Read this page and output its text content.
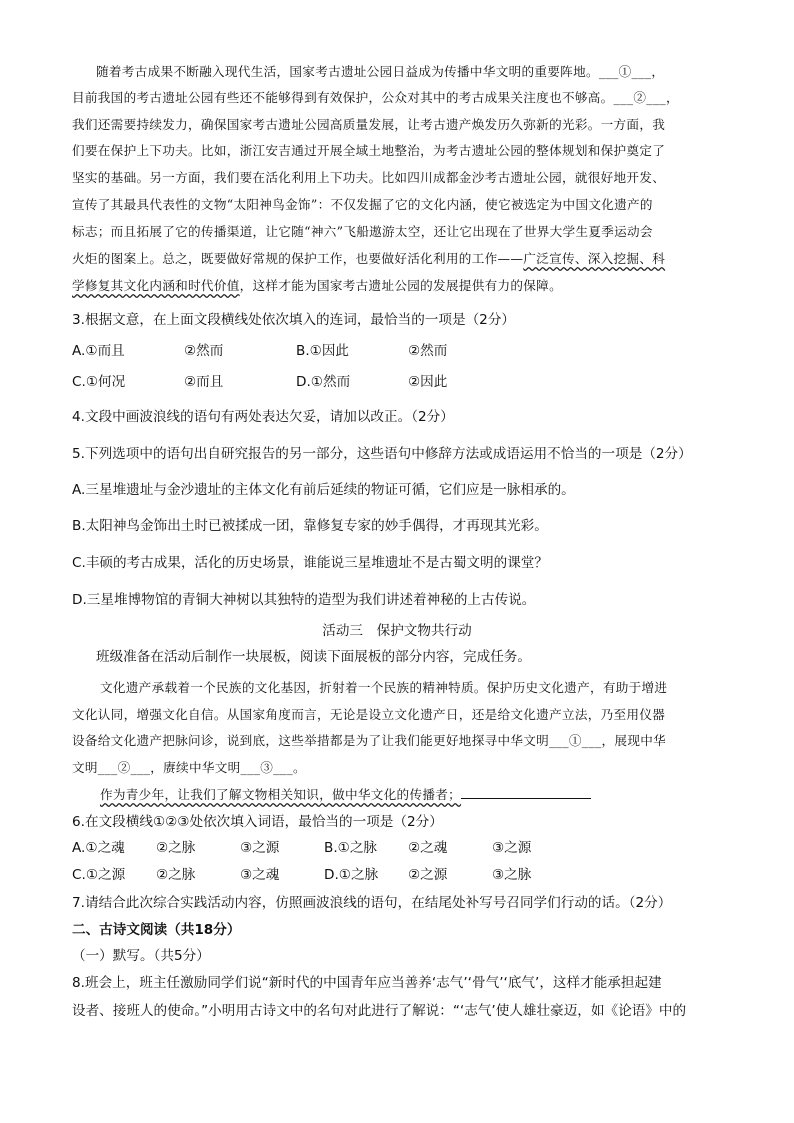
随着考古成果不断融入现代生活，国家考古遗址公园日益成为传播中华文明的重要阵地。___①___，
目前我国的考古遗址公园有些还不能够得到有效保护，公众对其中的考古成果关注度也不够高。___②___，
我们还需要持续发力，确保国家考古遗址公园高质量发展，让考古遗产焕发历久弥新的光彩。一方面，我
们要在保护上下功夫。比如，浙江安吉通过开展全域土地整治，为考古遗址公园的整体规划和保护奠定了
坚实的基础。另一方面，我们要在活化利用上下功夫。比如四川成都金沙考古遗址公园，就很好地开发、
宣传了其最具代表性的文物“太阳神鸟金饰”：不仅发掘了它的文化内涵，使它被选定为中国文化遗产的
标志；而且拓展了它的传播渠道，让它随“神六”飞船遨游太空，还让它出现在了世界大学生夏季运动会
火炬的图案上。总之，既要做好常规的保护工作，也要做好活化利用的工作——广泛宣传、深入挖掘、科
学修复其文化内涵和时代价值，这样才能为国家考古遗址公园的发展提供有力的保障。
3.根据文意，在上面文段横线处依次填入的连词，最恰当的一项是（2分）
A.①而且	②然而	B.①因此	②然而
C.①何况	②而且	D.①然而	②因此
4.文段中画波浪线的语句有两处表达欠妥，请加以改正。（2分）
5.下列选项中的语句出自研究报告的另一部分，这些语句中修辞方法或成语运用不恰当的一项是（2分）
A.三星堆遗址与金沙遗址的主体文化有前后延续的物证可循，它们应是一脉相承的。
B.太阳神鸟金饰出土时已被揉成一团，靠修复专家的妙手偶得，才再现其光彩。
C.丰硕的考古成果，活化的历史场景，谁能说三星堆遗址不是古蜀文明的课堂？
D.三星堆博物馆的青铜大神树以其独特的造型为我们讲述着神秘的上古传说。
活动三　保护文物共行动
班级准备在活动后制作一块展板，阅读下面展板的部分内容，完成任务。
文化遗产承载着一个民族的文化基因，折射着一个民族的精神特质。保护历史文化遗产，有助于增进
文化认同，增强文化自信。从国家角度而言，无论是设立文化遗产日，还是给文化遗产立法，乃至用仪器
设备给文化遗产把脉问诊，说到底，这些举措都是为了让我们能更好地探寻中华文明___①___，展现中华
文明___②___，赓续中华文明___③___。
作为青少年，让我们了解文物相关知识，做中华文化的传播者；
6.在文段横线①②③处依次填入词语，最恰当的一项是（2分）
A.①之魂 ②之脉	③之源	B.①之脉 ②之魂	③之源
C.①之源 ②之脉	③之魂	D.①之脉 ②之源	③之脉
7.请结合此次综合实践活动内容，仿照画波浪线的语句，在结尾处补写号召同学们行动的话。（2分）
二、古诗文阅读（共18分）
（一）默写。（共5分）
8.班会上，班主任激励同学们说“新时代的中国青年应当善养‘志气’‘骨气’‘底气’，这样才能承担起建
设者、接班人的使命。”小明用古诗文中的名句对此进行了解说：“‘志气’使人雄壮豪迈，如《论语》中的
